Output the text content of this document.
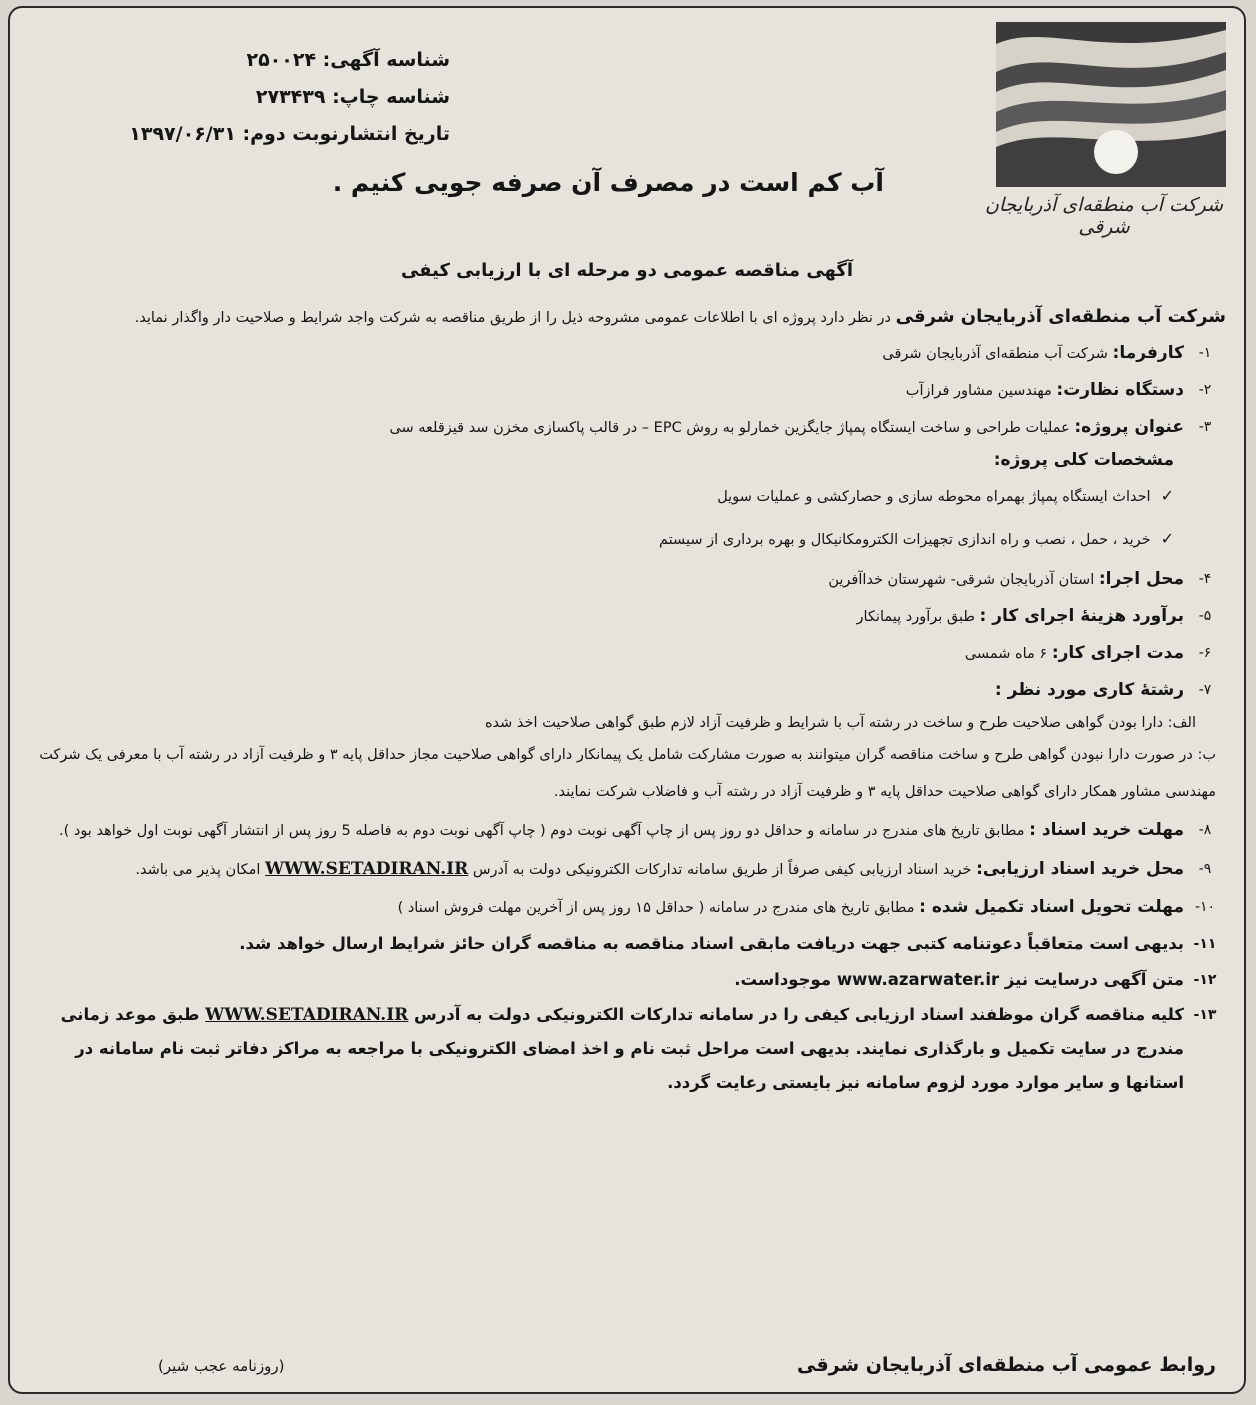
شرکت آب منطقه‌ای آذربایجان شرقی
شناسه آگهی: ۲۵۰۰۲۴
شناسه چاپ: ۲۷۳۴۳۹
تاریخ انتشارنوبت دوم: ۱۳۹۷/۰۶/۳۱
آب کم است در مصرف آن صرفه جویی کنیم .
آگهی مناقصه عمومی دو مرحله ای با ارزیابی کیفی
شرکت آب منطقه‌ای آذربایجان شرقی در نظر دارد پروژه ای با اطلاعات عمومی مشروحه ذیل را از طریق مناقصه به شرکت واجد شرایط و صلاحیت دار واگذار نماید.
۱-
کارفرما: شرکت آب منطقه‌ای آذربایجان شرقی
۲-
دستگاه نظارت: مهندسین مشاور فرازآب
۳-
عنوان پروژه: عملیات طراحی و ساخت ایستگاه پمپاژ جایگزین خمارلو به روش EPC – در قالب پاکسازی مخزن سد قیزقلعه سی
مشخصات کلی پروژه:
✓احداث ایستگاه پمپاژ بهمراه محوطه سازی و حصارکشی و عملیات سویل
✓خرید ، حمل ، نصب و راه اندازی تجهیزات الکترومکانیکال و بهره برداری از سیستم
۴-
محل اجرا: استان آذربایجان شرقی- شهرستان خداآفرین
۵-
برآورد هزینهٔ اجرای کار : طبق برآورد پیمانکار
۶-
مدت اجرای کار: ۶ ماه شمسی
۷-
رشتهٔ کاری مورد نظر :
الف: دارا بودن گواهی صلاحیت طرح و ساخت در رشته آب با شرایط و ظرفیت آزاد لازم طبق گواهی صلاحیت اخذ شده
ب: در صورت دارا نبودن گواهی طرح و ساخت مناقصه گران میتوانند به صورت مشارکت شامل یک پیمانکار دارای گواهی صلاحیت مجاز حداقل پایه ۳ و ظرفیت آزاد در رشته آب با معرفی یک شرکت مهندسی مشاور همکار دارای گواهی صلاحیت حداقل پایه ۳ و ظرفیت آزاد در رشته آب و فاضلاب شرکت نمایند.
۸-
مهلت خرید اسناد : مطابق تاریخ های مندرج در سامانه و حداقل دو روز پس از چاپ آگهی نوبت دوم ( چاپ آگهی نوبت دوم به فاصله 5 روز پس از انتشار آگهی نوبت اول خواهد بود ).
۹-
محل خرید اسناد ارزیابی: خرید اسناد ارزیابی کیفی صرفاً از طریق سامانه تدارکات الکترونیکی دولت به آدرس WWW.SETADIRAN.IR امکان پذیر می باشد.
۱۰-
مهلت تحویل اسناد تکمیل شده : مطابق تاریخ های مندرج در سامانه ( حداقل ۱۵ روز پس از آخرین مهلت فروش اسناد )
۱۱-
بدیهی است متعاقباً دعوتنامه کتبی جهت دریافت مابقی اسناد مناقصه به مناقصه گران حائز شرایط ارسال خواهد شد.
۱۲-
متن آگهی درسایت نیز www.azarwater.ir موجوداست.
۱۳-
کلیه مناقصه گران موظفند اسناد ارزیابی کیفی را در سامانه تدارکات الکترونیکی دولت به آدرس WWW.SETADIRAN.IR طبق موعد زمانی مندرج در سایت تکمیل و بارگذاری نمایند. بدیهی است مراحل ثبت نام و اخذ امضای الکترونیکی با مراجعه به مراکز دفاتر ثبت نام سامانه در استانها و سایر موارد مورد لزوم سامانه نیز بایستی رعایت گردد.
روابط عمومی آب منطقه‌ای آذربایجان شرقی
(روزنامه عجب شیر)
